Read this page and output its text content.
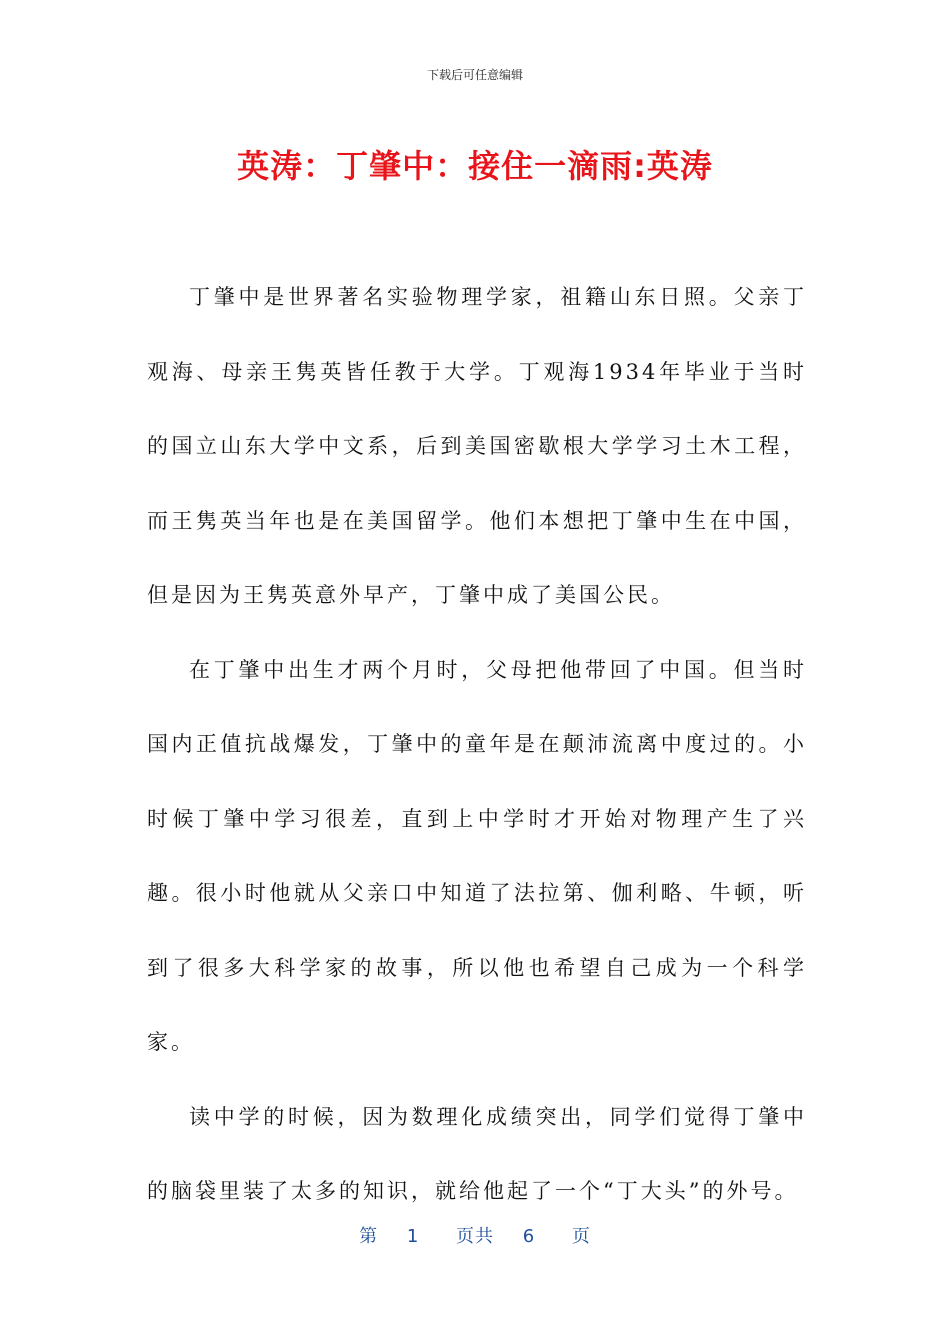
下载后可任意编辑
英涛：丁肇中：接住一滴雨:英涛

丁肇中是世界著名实验物理学家，祖籍山东日照。父亲丁观海、母亲王隽英皆任教于大学。丁观海1934年毕业于当时的国立山东大学中文系，后到美国密歇根大学学习土木工程，而王隽英当年也是在美国留学。他们本想把丁肇中生在中国，但是因为王隽英意外早产，丁肇中成了美国公民。

在丁肇中出生才两个月时，父母把他带回了中国。但当时国内正值抗战爆发，丁肇中的童年是在颠沛流离中度过的。小时候丁肇中学习很差，直到上中学时才开始对物理产生了兴趣。很小时他就从父亲口中知道了法拉第、伽利略、牛顿，听到了很多大科学家的故事，所以他也希望自己成为一个科学家。

读中学的时候，因为数理化成绩突出，同学们觉得丁肇中的脑袋里装了太多的知识，就给他起了一个“丁大头”的外号。

第 1 页共 6 页
